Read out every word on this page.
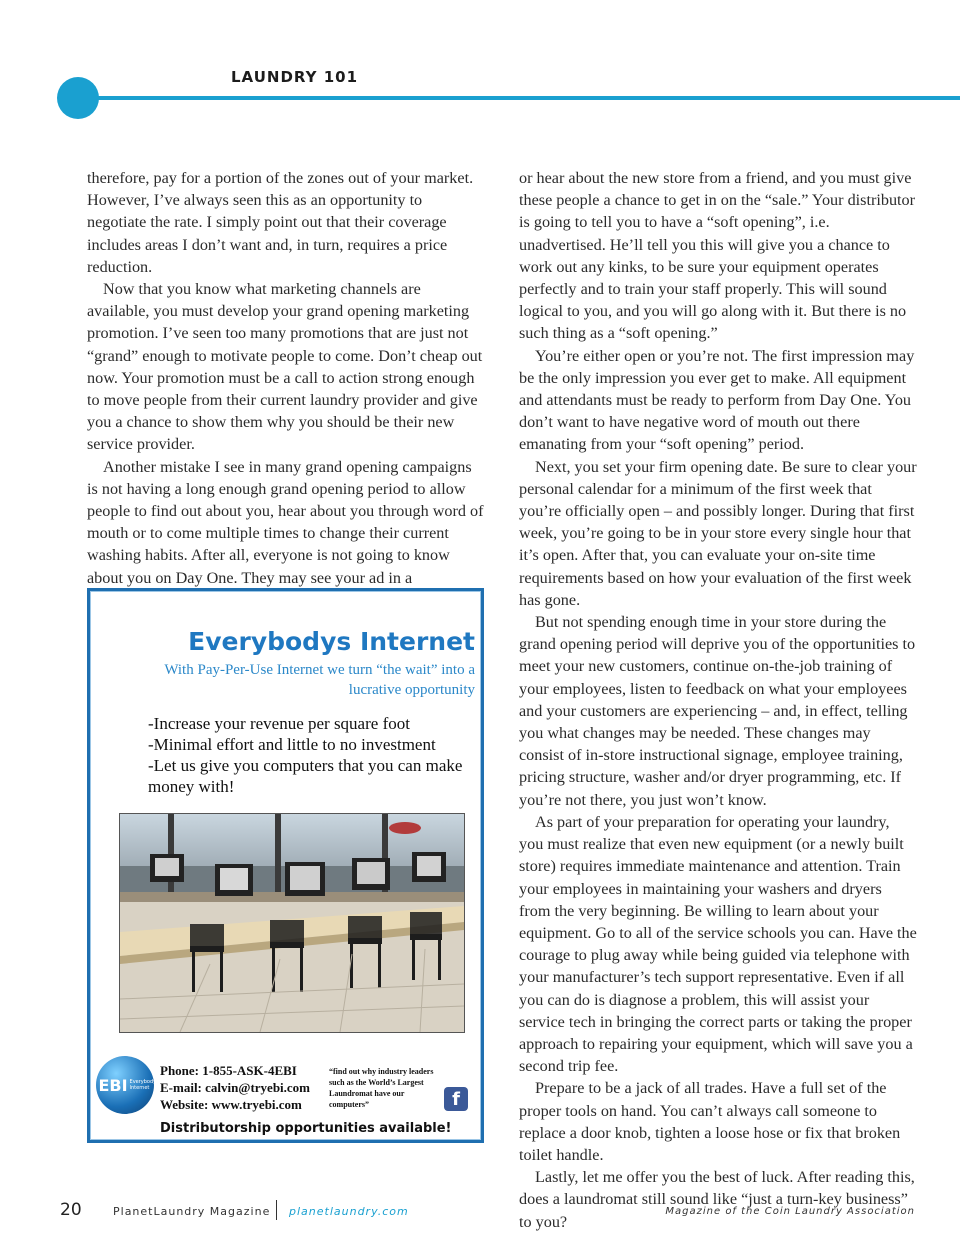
LAUNDRY 101

therefore, pay for a portion of the zones out of your market. However, I’ve always seen this as an opportunity to negotiate the rate. I simply point out that their coverage includes areas I don’t want and, in turn, requires a price reduction.

Now that you know what marketing channels are available, you must develop your grand opening marketing promotion. I’ve seen too many promotions that are just not “grand” enough to motivate people to come. Don’t cheap out now. Your promotion must be a call to action strong enough to move people from their current laundry provider and give you a chance to show them why you should be their new service provider.

Another mistake I see in many grand opening campaigns is not having a long enough grand opening period to allow people to find out about you, hear about you through word of mouth or to come multiple times to change their current washing habits. After all, everyone is not going to know about you on Day One. They may see your ad in a

Everybodys Internet
With Pay-Per-Use Internet we turn “the wait” into a lucrative opportunity
-Increase your revenue per square foot
-Minimal effort and little to no investment
-Let us give you computers that you can make money with!
EBI Everybodys Internet
Phone: 1-855-ASK-4EBI
E-mail: calvin@tryebi.com
Website: www.tryebi.com
“find out why industry leaders such as the World’s Largest Laundromat have our computers”	f
Distributorship opportunities available!

or hear about the new store from a friend, and you must give these people a chance to get in on the “sale.” Your distributor is going to tell you to have a “soft opening”, i.e. unadvertised. He’ll tell you this will give you a chance to work out any kinks, to be sure your equipment operates perfectly and to train your staff properly. This will sound logical to you, and you will go along with it. But there is no such thing as a “soft opening.”

You’re either open or you’re not. The first impression may be the only impression you ever get to make. All equipment and attendants must be ready to perform from Day One. You don’t want to have negative word of mouth out there emanating from your “soft opening” period.

Next, you set your firm opening date. Be sure to clear your personal calendar for a minimum of the first week that you’re officially open – and possibly longer. During that first week, you’re going to be in your store every single hour that it’s open. After that, you can evaluate your on-site time requirements based on how your evaluation of the first week has gone.

But not spending enough time in your store during the grand opening period will deprive you of the opportunities to meet your new customers, continue on-the-job training of your employees, listen to feedback on what your employees and your customers are experiencing – and, in effect, telling you what changes may be needed. These changes may consist of in-store instructional signage, employee training, pricing structure, washer and/or dryer programming, etc. If you’re not there, you just won’t know.

As part of your preparation for operating your laundry, you must realize that even new equipment (or a newly built store) requires immediate maintenance and attention. Train your employees in maintaining your washers and dryers from the very beginning. Be willing to learn about your equipment. Go to all of the service schools you can. Have the courage to plug away while being guided via telephone with your manufacturer’s tech support representative. Even if all you can do is diagnose a problem, this will assist your service tech in bringing the correct parts or taking the proper approach to repairing your equipment, which will save you a second trip fee.

Prepare to be a jack of all trades. Have a full set of the proper tools on hand. You can’t always call someone to replace a door knob, tighten a loose hose or fix that broken toilet handle.

Lastly, let me offer you the best of luck. After reading this, does a laundromat still sound like “just a turn-key business” to you?

20	PlanetLaundry Magazine planetlaundry.com	Magazine of the Coin Laundry Association
